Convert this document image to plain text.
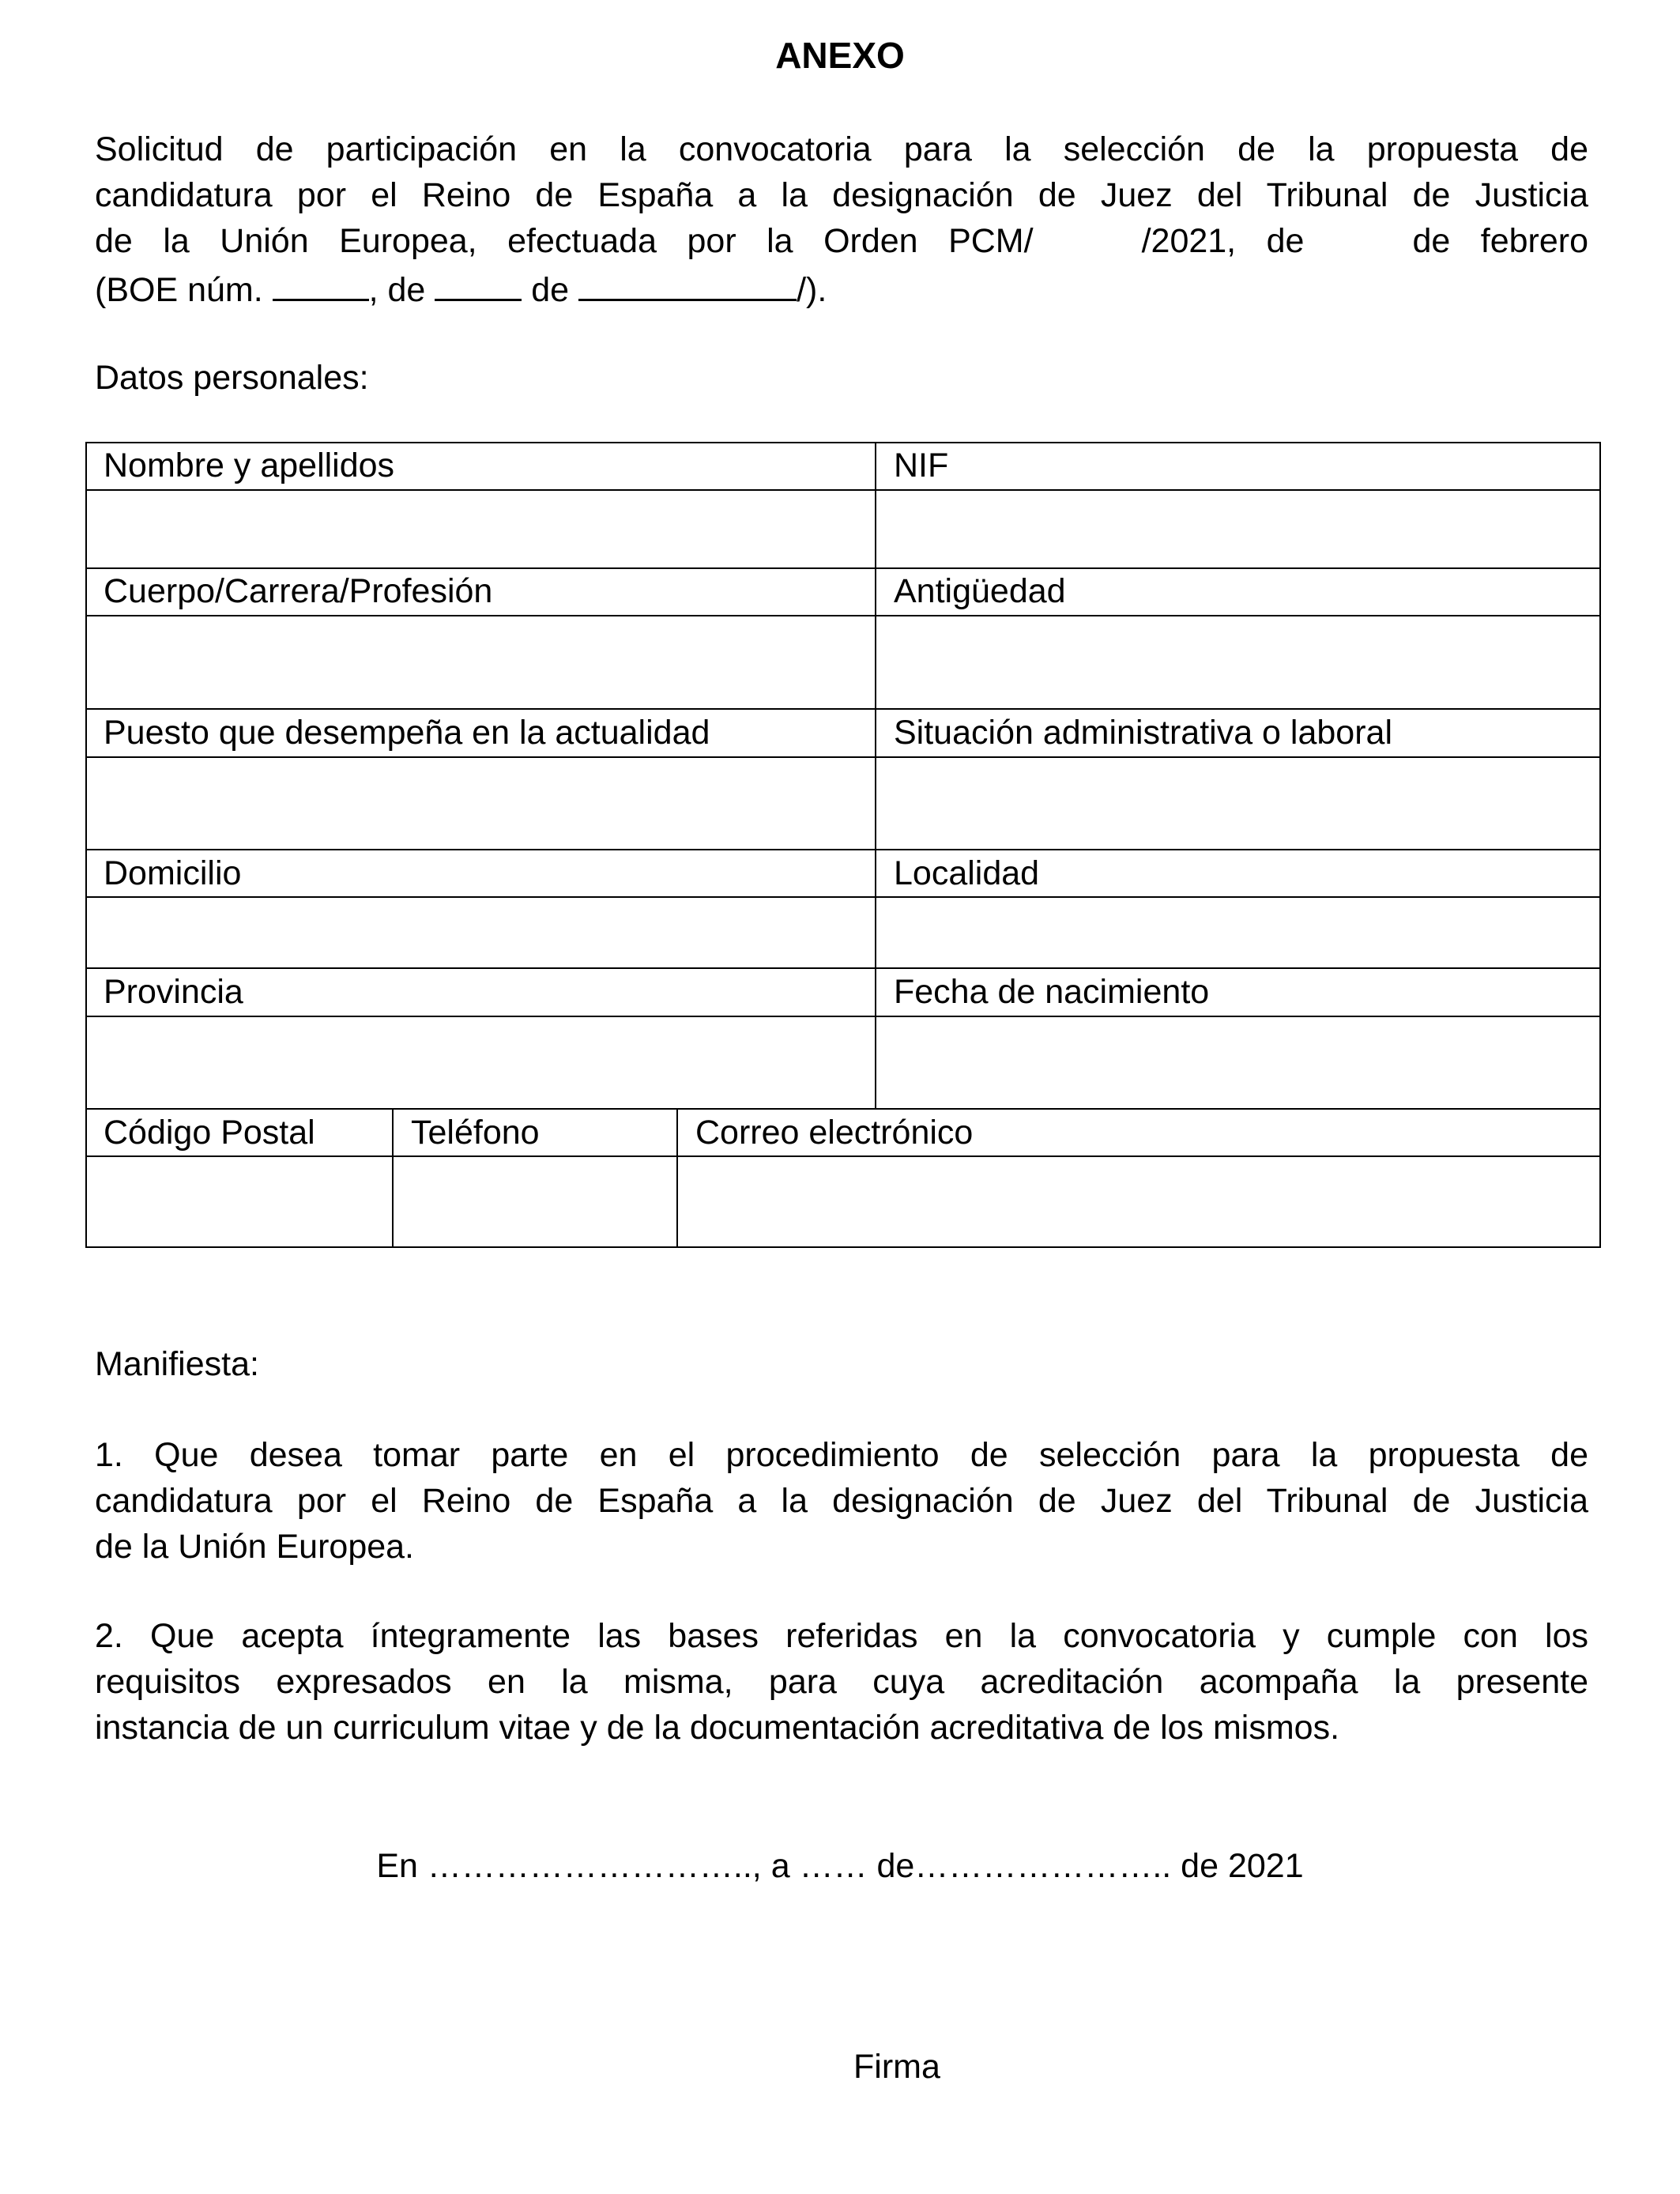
ANEXO
Solicitud de participación en la convocatoria para la selección de la propuesta de
candidatura por el Reino de España a la designación de Juez del Tribunal de Justicia
de la Unión Europea, efectuada por la Orden PCM/	/2021, de	de febrero
(BOE núm.	, de	de	/).
Datos personales:
Nombre y apellidos	NIF
Cuerpo/Carrera/Profesión	Antigüedad
Puesto que desempeña en la actualidad	Situación administrativa o laboral
Domicilio	Localidad
Provincia	Fecha de nacimiento
Código Postal	Teléfono	Correo electrónico
Manifiesta:
1. Que desea tomar parte en el procedimiento de selección para la propuesta de
candidatura por el Reino de España a la designación de Juez del Tribunal de Justicia
de la Unión Europea.
2. Que acepta íntegramente las bases referidas en la convocatoria y cumple con los
requisitos expresados en la misma, para cuya acreditación acompaña la presente
instancia de un curriculum vitae y de la documentación acreditativa de los mismos.
En ……………………….., a …… de………………….. de 2021
Firma
